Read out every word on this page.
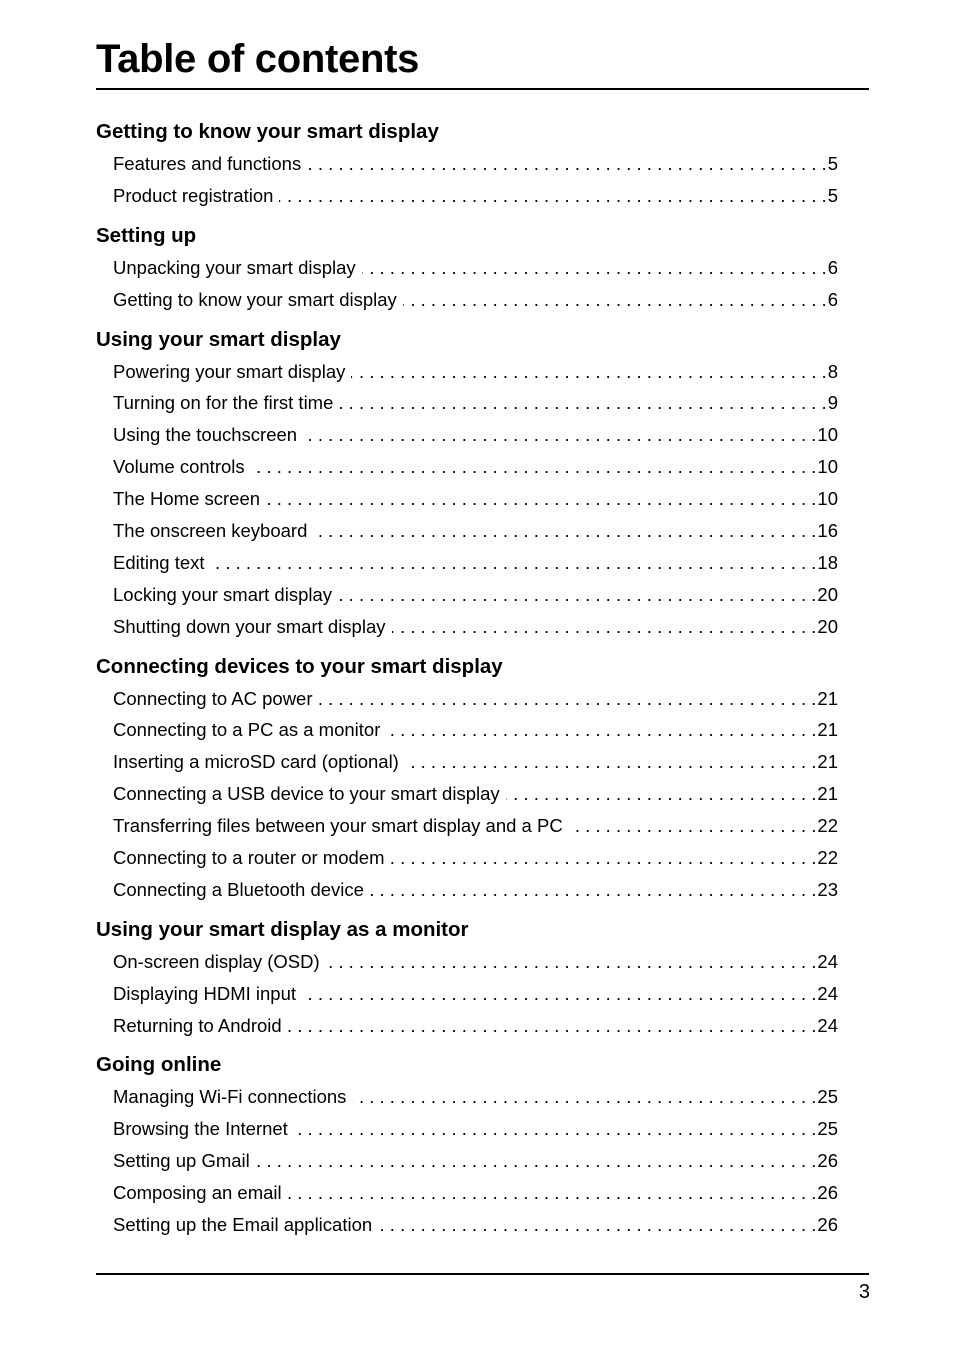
Table of contents
Getting to know your smart display
Features and functions . . .	5
Product registration . . .	5
Setting up
Unpacking your smart display . . .	6
Getting to know your smart display . . .	6
Using your smart display
Powering your smart display . . .	8
Turning on for the first time . . .	9
Using the touchscreen . . .	10
Volume controls . . .	10
The Home screen . . .	10
The onscreen keyboard . . .	16
Editing text . . .	18
Locking your smart display . . .	20
Shutting down your smart display . . .	20
Connecting devices to your smart display
Connecting to AC power . . .	21
Connecting to a PC as a monitor . . .	21
Inserting a microSD card (optional) . . .	21
Connecting a USB device to your smart display . . .	21
Transferring files between your smart display and a PC . . .	22
Connecting to a router or modem . . .	22
Connecting a Bluetooth device . . .	23
Using your smart display as a monitor
On-screen display (OSD) . . .	24
Displaying HDMI input . . .	24
Returning to Android . . .	24
Going online
Managing Wi-Fi connections . . .	25
Browsing the Internet . . .	25
Setting up Gmail . . .	26
Composing an email . . .	26
Setting up the Email application . . .	26
3
